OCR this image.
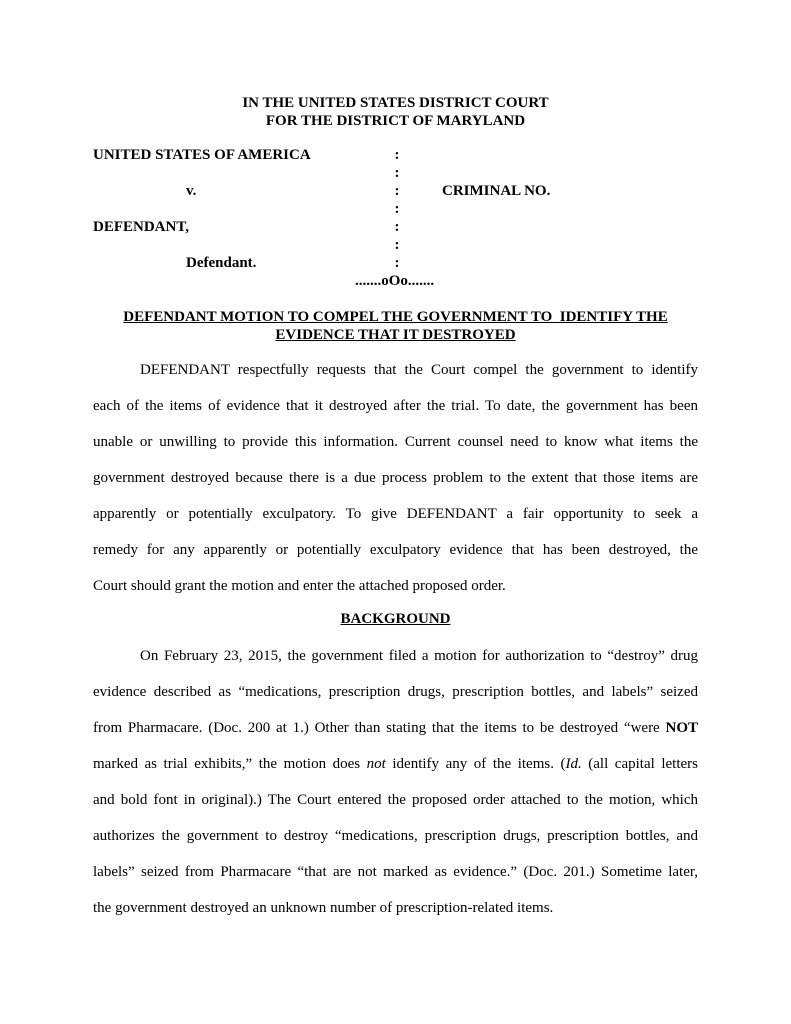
IN THE UNITED STATES DISTRICT COURT
FOR THE DISTRICT OF MARYLAND
UNITED STATES OF AMERICA
v.
DEFENDANT,
Defendant.
:
:
:
:
:
:
:
CRIMINAL NO.
.......oOo.......
DEFENDANT MOTION TO COMPEL THE GOVERNMENT TO  IDENTIFY THE
EVIDENCE THAT IT DESTROYED
DEFENDANT respectfully requests that the Court compel the government to identify
each of the items of evidence that it destroyed after the trial. To date, the government has been
unable or unwilling to provide this information. Current counsel need to know what items the
government destroyed because there is a due process problem to the extent that those items are
apparently or potentially exculpatory. To give DEFENDANT a fair opportunity to seek a
remedy for any apparently or potentially exculpatory evidence that has been destroyed, the
Court should grant the motion and enter the attached proposed order.
BACKGROUND
On February 23, 2015, the government filed a motion for authorization to “destroy” drug
evidence described as “medications, prescription drugs, prescription bottles, and labels” seized
from Pharmacare. (Doc. 200 at 1.) Other than stating that the items to be destroyed “were NOT
marked as trial exhibits,” the motion does not identify any of the items. (Id. (all capital letters
and bold font in original).) The Court entered the proposed order attached to the motion, which
authorizes the government to destroy “medications, prescription drugs, prescription bottles, and
labels” seized from Pharmacare “that are not marked as evidence.” (Doc. 201.) Sometime later,
the government destroyed an unknown number of prescription-related items.
